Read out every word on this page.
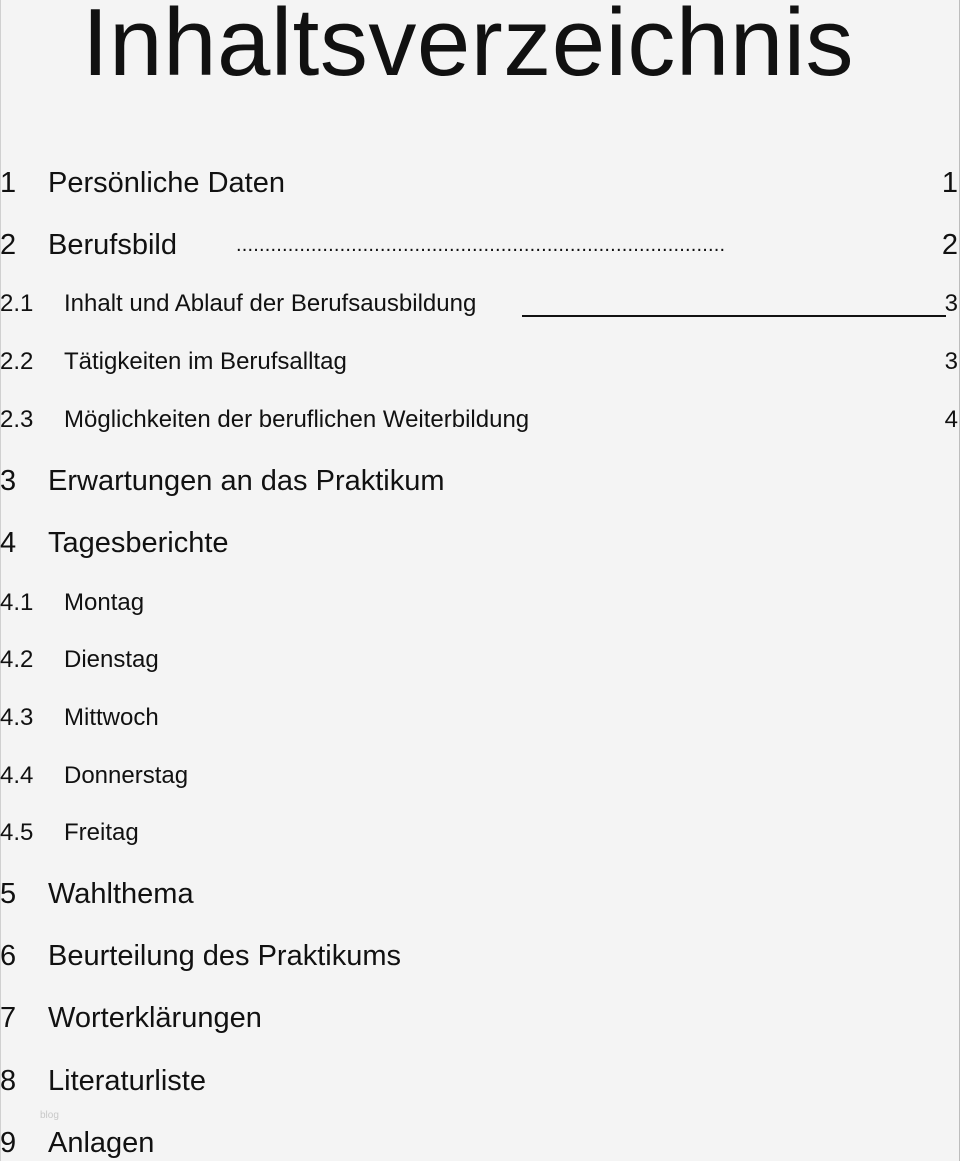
Inhaltsverzeichnis
1 Persönliche Daten	1
2 Berufsbild	.....................................................................................	2
2.1 Inhalt und Ablauf der Berufsausbildung	3
2.2 Tätigkeiten im Berufsalltag	3
2.3 Möglichkeiten der beruflichen Weiterbildung	4
3 Erwartungen an das Praktikum
4 Tagesberichte
4.1 Montag
4.2 Dienstag
4.3 Mittwoch
4.4 Donnerstag
4.5 Freitag
5 Wahlthema
6 Beurteilung des Praktikums
7 Worterklärungen
8 Literaturliste
blog
9 Anlagen
